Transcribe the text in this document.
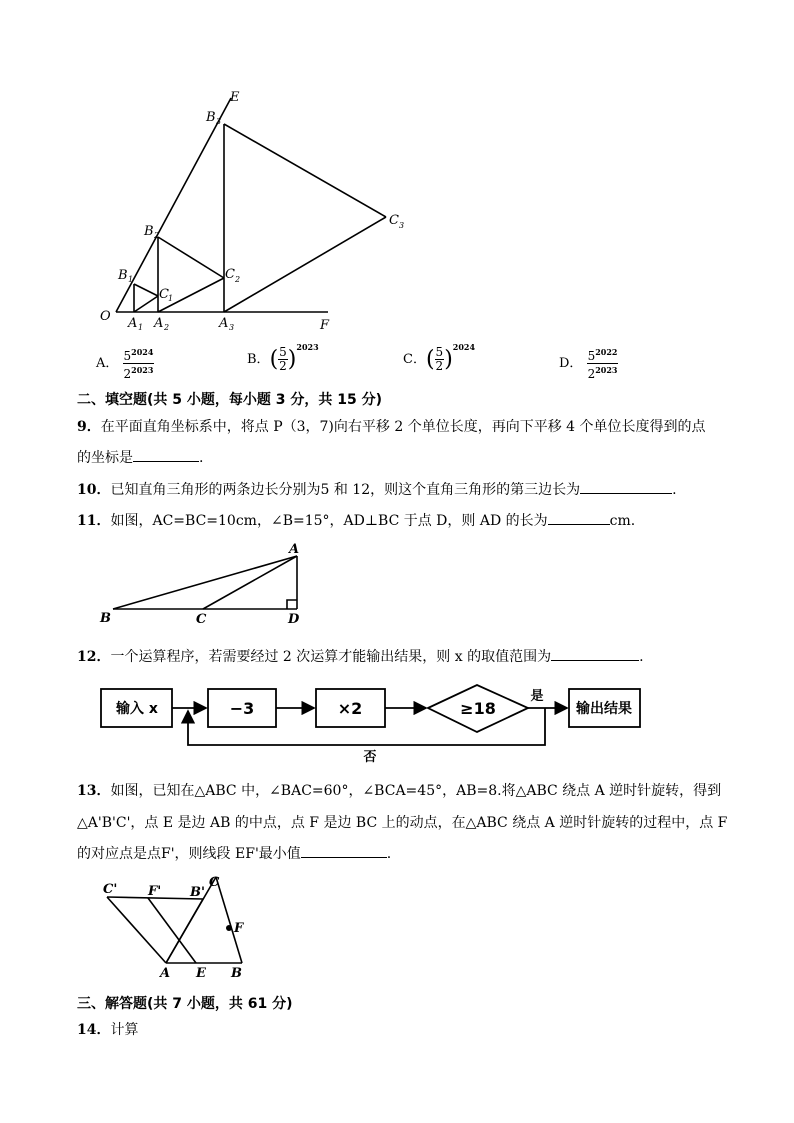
E
B 3
C 3
B 2
C 2
B 1
C 1
O A 1 A 2	A 3	F
A． $\frac{5^{2024}}{2^{2023}}$	B．( $\frac{5}{2} )^{2023}$
C．( $\frac{5}{2} )^{2024}$
D． $\frac{5^{2022}}{2^{2023}}$
二、填空题(共 5 小题，每小题 3 分，共 15 分)
9．在平面直角坐标系中，将点 P（3，7)向右平移 2 个单位长度，再向下平移 4 个单位长度得到的点
的坐标是	.
10．已知直角三角形的两条边长分别为5 和 12，则这个直角三角形的第三边长为	.
11．如图，AC=BC=10cm，∠B=15°，AD⊥BC 于点 D，则 AD 的长为	cm.
A
B	C	D
12．一个运算程序，若需要经过 2 次运算才能输出结果，则 x 的取值范围为	.
输入 x	−3	×2	≥18
是
否
输出结果
13．如图，已知在△ABC 中，∠BAC=60°，∠BCA=45°，AB=8.将△ABC 绕点 A 逆时针旋转，得到
△A'B'C'，点 E 是边 AB 的中点，点 F 是边 BC 上的动点，在△ABC 绕点 A 逆时针旋转的过程中，点 F
的对应点是点F'，则线段 EF'最小值	.
C' F' B'
C
F
A E B
三、解答题(共 7 小题，共 61 分)
14．计算
